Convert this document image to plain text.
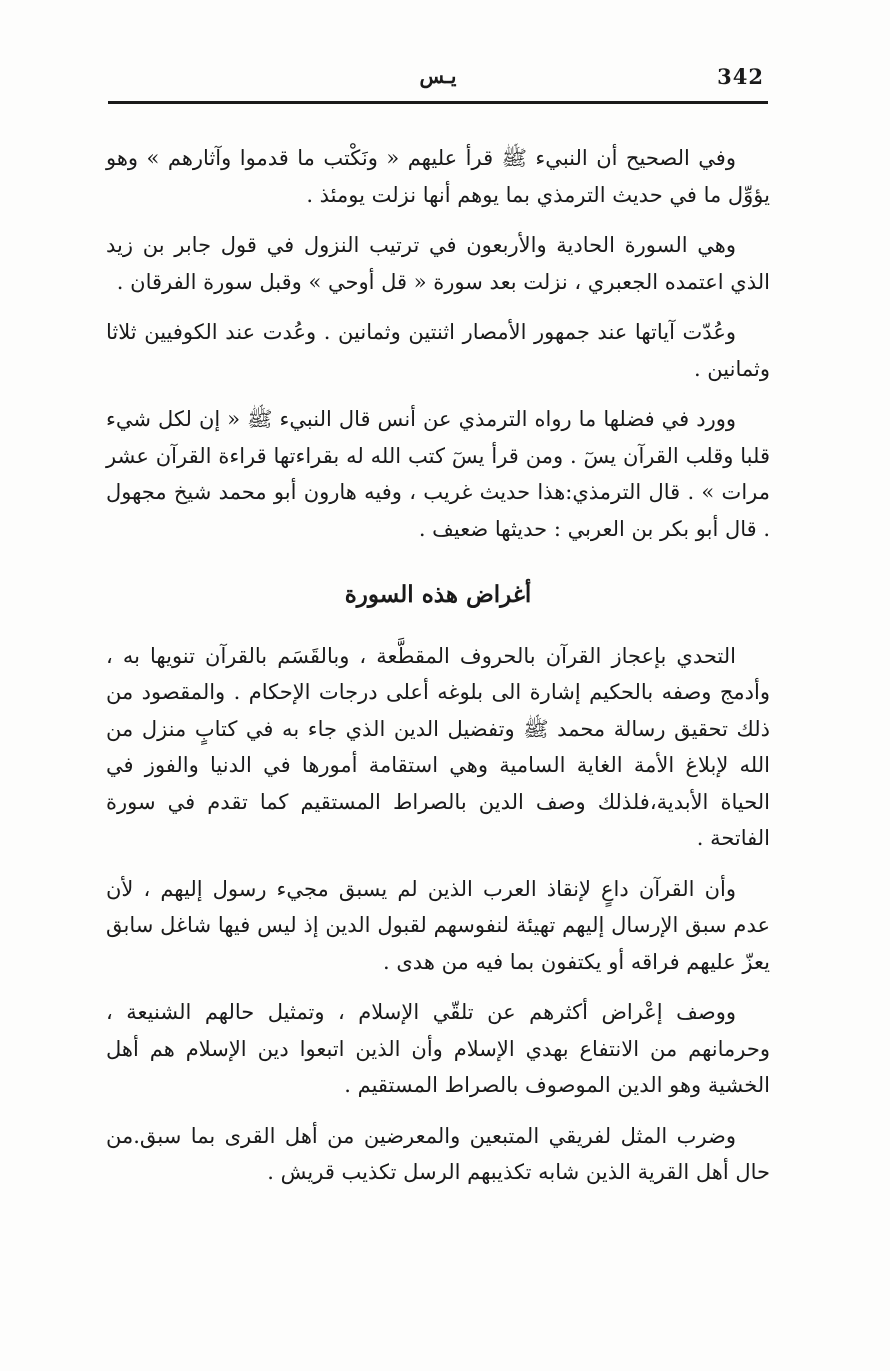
342
يـس

وفي الصحيح أن النبيء ﷺ قرأ عليهم « ونَكْتب ما قدموا وآثارهم » وهو يؤوِّل ما في حديث الترمذي بما يوهم أنها نزلت يومئذ .

وهي السورة الحادية والأربعون في ترتيب النزول في قول جابر بن زيد الذي اعتمده الجعبري ، نزلت بعد سورة « قل أوحي » وقبل سورة الفرقان .

وعُدّت آياتها عند جمهور الأمصار اثنتين وثمانين . وعُدت عند الكوفيين ثلاثا وثمانين .

وورد في فضلها ما رواه الترمذي عن أنس قال النبيء ﷺ « إن لكل شيء قلبا وقلب القرآن يسٓ . ومن قرأ يسٓ كتب الله له بقراءتها قراءة القرآن عشر مرات » . قال الترمذي:هذا حديث غريب ، وفيه هارون أبو محمد شيخ مجهول . قال أبو بكر بن العربي : حديثها ضعيف .

أغراض هذه السورة

التحدي بإعجاز القرآن بالحروف المقطَّعة ، وبالقَسَم بالقرآن تنويها به ، وأدمج وصفه بالحكيم إشارة الى بلوغه أعلى درجات الإحكام . والمقصود من ذلك تحقيق رسالة محمد ﷺ وتفضيل الدين الذي جاء به في كتابٍ منزل من الله لإبلاغ الأمة الغاية السامية وهي استقامة أمورها في الدنيا والفوز في الحياة الأبدية،فلذلك وصف الدين بالصراط المستقيم كما تقدم في سورة الفاتحة .

وأن القرآن داعٍ لإنقاذ العرب الذين لم يسبق مجيء رسول إليهم ، لأن عدم سبق الإرسال إليهم تهيئة لنفوسهم لقبول الدين إذ ليس فيها شاغل سابق يعزّ عليهم فراقه أو يكتفون بما فيه من هدى .

ووصف إعْراض أكثرهم عن تلقّي الإسلام ، وتمثيل حالهم الشنيعة ، وحرمانهم من الانتفاع بهدي الإسلام وأن الذين اتبعوا دين الإسلام هم أهل الخشية وهو الدين الموصوف بالصراط المستقيم .

وضرب المثل لفريقي المتبعين والمعرضين من أهل القرى بما سبق.من حال أهل القرية الذين شابه تكذيبهم الرسل تكذيب قريش .
